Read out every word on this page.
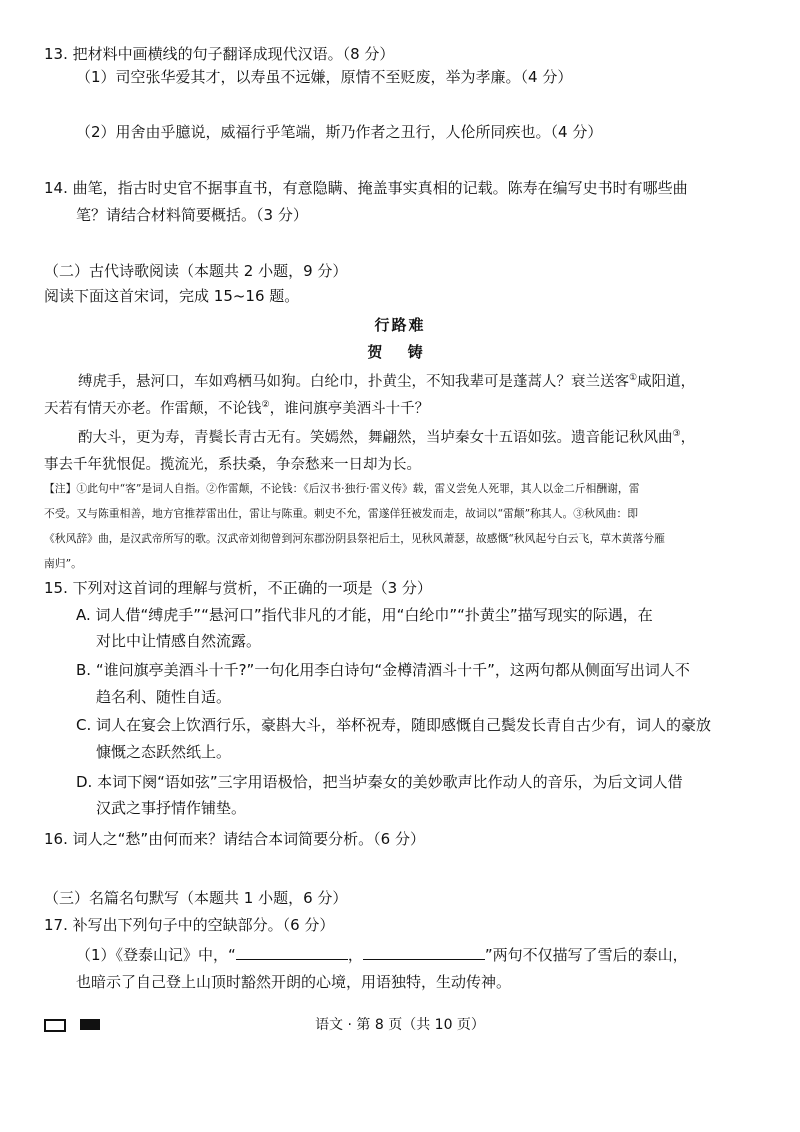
13. 把材料中画横线的句子翻译成现代汉语。（8 分）
（1）司空张华爱其才，以寿虽不远嫌，原情不至贬废，举为孝廉。（4 分）
（2）用舍由乎臆说，威福行乎笔端，斯乃作者之丑行，人伦所同疾也。（4 分）
14. 曲笔，指古时史官不据事直书，有意隐瞒、掩盖事实真相的记载。陈寿在编写史书时有哪些曲
笔？请结合材料简要概括。（3 分）
（二）古代诗歌阅读（本题共 2 小题，9 分）
阅读下面这首宋词，完成 15~16 题。
行路难
贺 铸
缚虎手，悬河口，车如鸡栖马如狗。白纶巾，扑黄尘，不知我辈可是蓬蒿人？衰兰送客①咸阳道，
天若有情天亦老。作雷颠，不论钱②，谁问旗亭美酒斗十千？
酌大斗，更为寿，青鬓长青古无有。笑嫣然，舞翩然，当垆秦女十五语如弦。遗音能记秋风曲③，
事去千年犹恨促。揽流光，系扶桑，争奈愁来一日却为长。
【注】①此句中“客”是词人自指。②作雷颠，不论钱：《后汉书·独行·雷义传》载，雷义尝免人死罪，其人以金二斤相酬谢，雷
不受。又与陈重相善，地方官推荐雷出仕，雷让与陈重。刺史不允，雷遂佯狂被发而走，故词以“雷颠”称其人。③秋风曲：即
《秋风辞》曲，是汉武帝所写的歌。汉武帝刘彻曾到河东郡汾阴县祭祀后土，见秋风萧瑟，故感慨“秋风起兮白云飞，草木黄落兮雁
南归”。
15. 下列对这首词的理解与赏析，不正确的一项是（3 分）
A. 词人借“缚虎手”“悬河口”指代非凡的才能，用“白纶巾”“扑黄尘”描写现实的际遇，在
对比中让情感自然流露。
B. “谁问旗亭美酒斗十千?”一句化用李白诗句“金樽清酒斗十千”，这两句都从侧面写出词人不
趋名利、随性自适。
C. 词人在宴会上饮酒行乐，豪斟大斗，举杯祝寿，随即感慨自己鬓发长青自古少有，词人的豪放
慷慨之态跃然纸上。
D. 本词下阕“语如弦”三字用语极恰，把当垆秦女的美妙歌声比作动人的音乐，为后文词人借
汉武之事抒情作铺垫。
16. 词人之“愁”由何而来？请结合本词简要分析。（6 分）
（三）名篇名句默写（本题共 1 小题，6 分）
17. 补写出下列句子中的空缺部分。（6 分）
（1）《登泰山记》中，“	，	”两句不仅描写了雪后的泰山，
也暗示了自己登上山顶时豁然开朗的心境，用语独特，生动传神。
语文 · 第 8 页（共 10 页）
